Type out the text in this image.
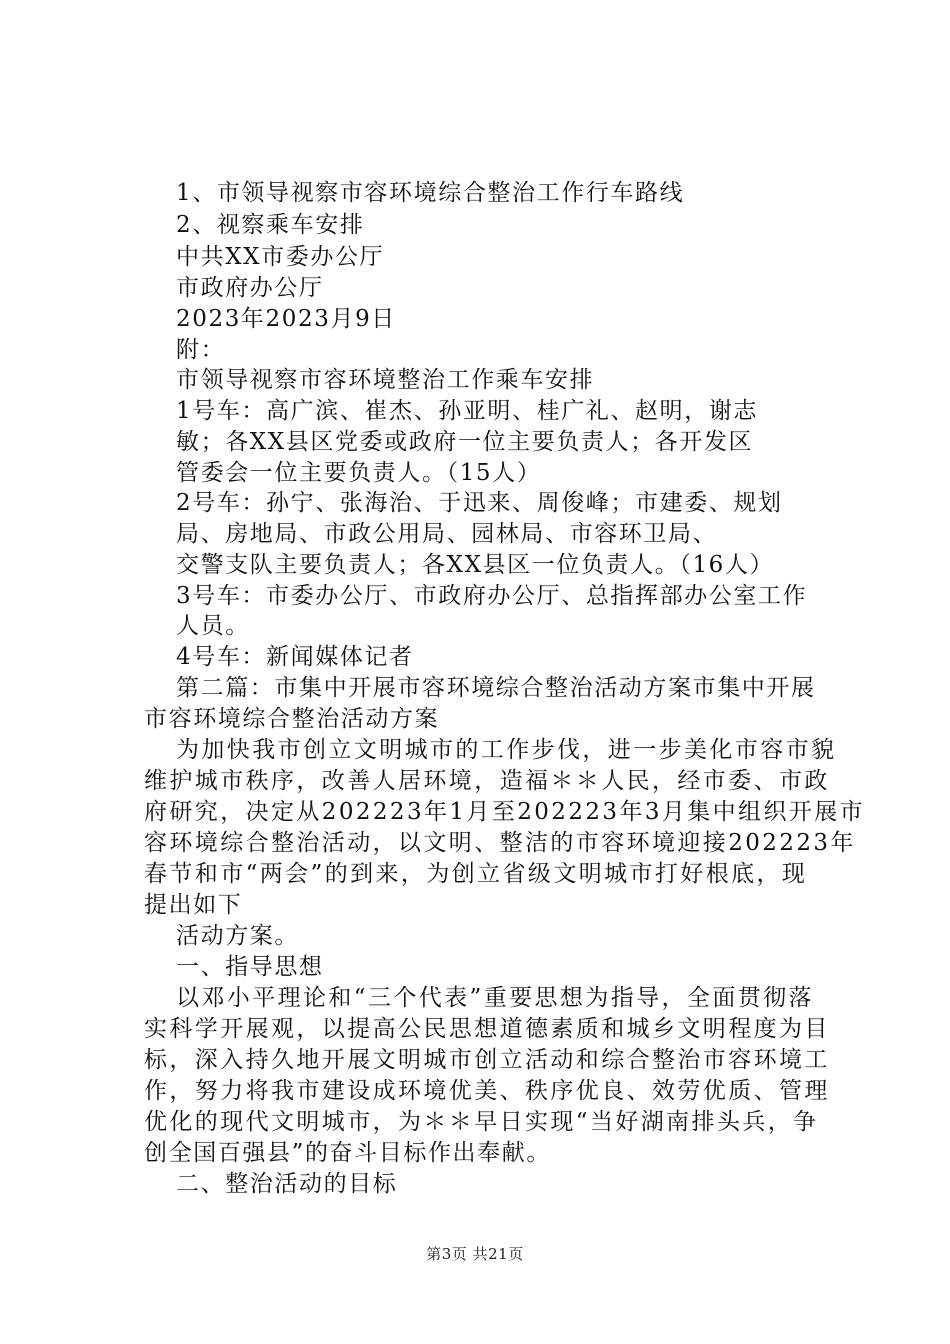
1、市领导视察市容环境综合整治工作行车路线
2、视察乘车安排
中共XX市委办公厅
市政府办公厅
2023年2023月9日
附：
市领导视察市容环境整治工作乘车安排
1号车：高广滨、崔杰、孙亚明、桂广礼、赵明，谢志
敏；各XX县区党委或政府一位主要负责人；各开发区
管委会一位主要负责人。（15人）
2号车：孙宁、张海治、于迅来、周俊峰；市建委、规划
局、房地局、市政公用局、园林局、市容环卫局、
交警支队主要负责人；各XX县区一位负责人。（16人）
3号车：市委办公厅、市政府办公厅、总指挥部办公室工作
人员。
4号车：新闻媒体记者
第二篇：市集中开展市容环境综合整治活动方案市集中开展
市容环境综合整治活动方案
为加快我市创立文明城市的工作步伐，进一步美化市容市貌
维护城市秩序，改善人居环境，造福＊＊人民，经市委、市政
府研究，决定从202223年1月至202223年3月集中组织开展市
容环境综合整治活动，以文明、整洁的市容环境迎接202223年
春节和市“两会”的到来，为创立省级文明城市打好根底，现
提出如下
活动方案。
一、指导思想
以邓小平理论和“三个代表”重要思想为指导，全面贯彻落
实科学开展观，以提高公民思想道德素质和城乡文明程度为目
标，深入持久地开展文明城市创立活动和综合整治市容环境工
作，努力将我市建设成环境优美、秩序优良、效劳优质、管理
优化的现代文明城市，为＊＊早日实现“当好湖南排头兵，争
创全国百强县”的奋斗目标作出奉献。
二、整治活动的目标
第3页 共21页
